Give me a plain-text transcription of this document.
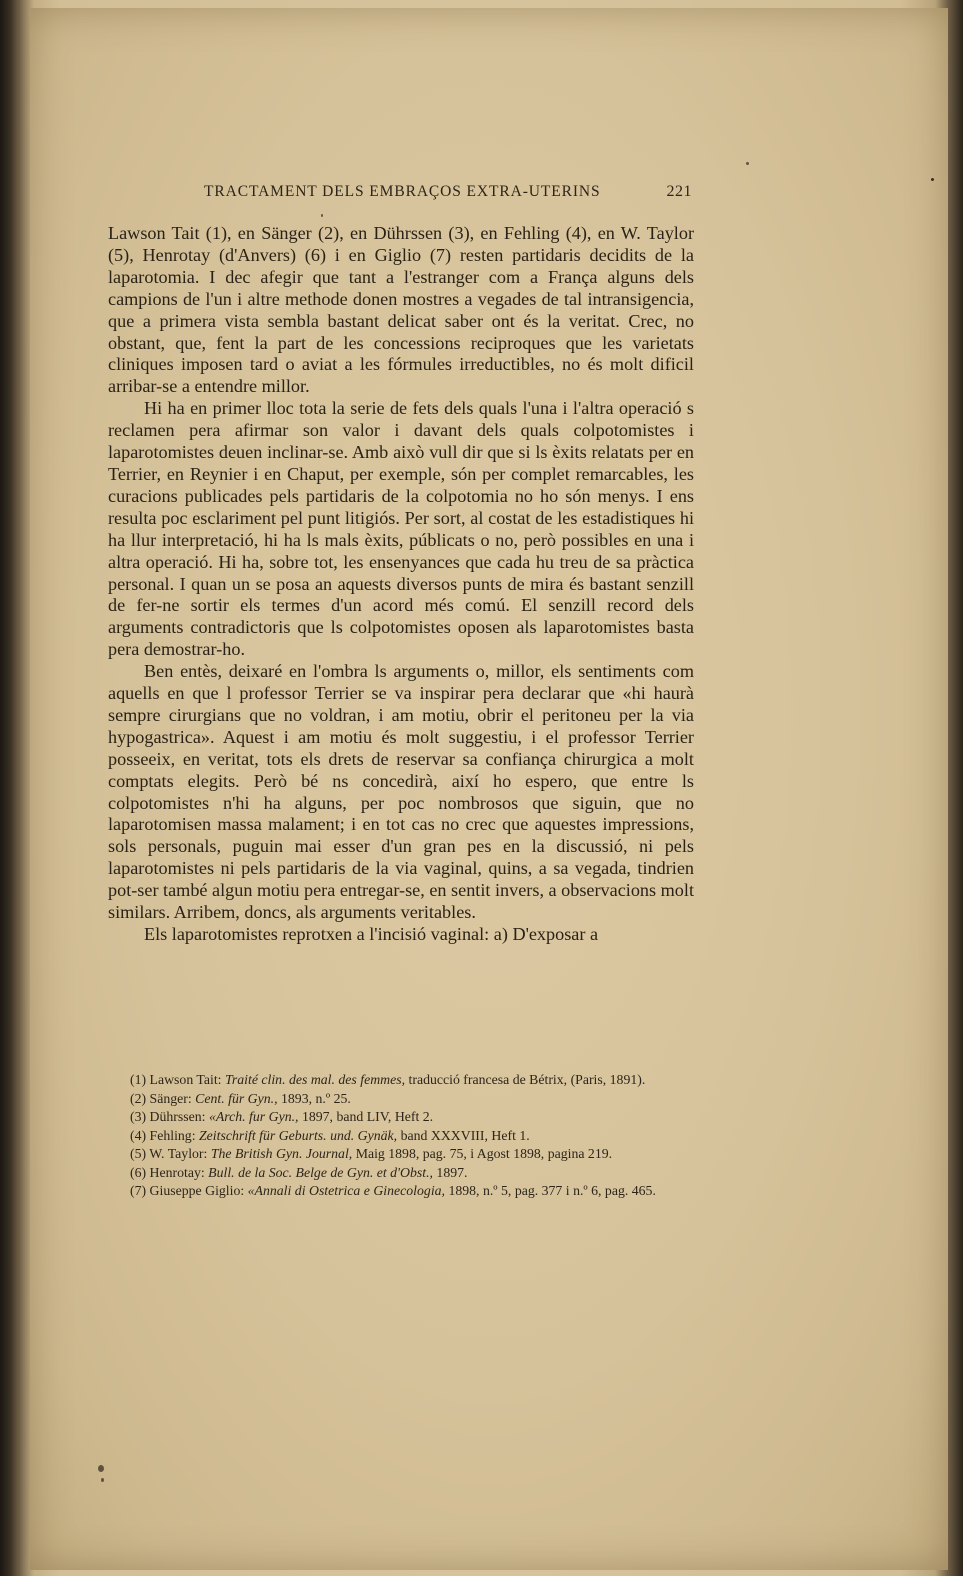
TRACTAMENT DELS EMBRAÇOS EXTRA-UTERINS	221

Lawson Tait (1), en Sänger (2), en Dührssen (3), en Fehling (4), en W. Taylor (5), Henrotay (d'Anvers) (6) i en Giglio (7) resten partidaris decidits de la laparotomia. I dec afegir que tant a l'estranger com a França alguns dels campions de l'un i altre methode donen mostres a vegades de tal intransigencia, que a primera vista sembla bastant delicat saber ont és la veritat. Crec, no obstant, que, fent la part de les concessions reciproques que les varietats cliniques imposen tard o aviat a les fórmules irreductibles, no és molt dificil arribar-se a entendre millor.

Hi ha en primer lloc tota la serie de fets dels quals l'una i l'altra operació s reclamen pera afirmar son valor i davant dels quals colpotomistes i laparotomistes deuen inclinar-se. Amb això vull dir que si ls èxits relatats per en Terrier, en Reynier i en Chaput, per exemple, són per complet remarcables, les curacions publicades pels partidaris de la colpotomia no ho són menys. I ens resulta poc esclariment pel punt litigiós. Per sort, al costat de les estadistiques hi ha llur interpretació, hi ha ls mals èxits, públicats o no, però possibles en una i altra operació. Hi ha, sobre tot, les ensenyances que cada hu treu de sa pràctica personal. I quan un se posa an aquests diversos punts de mira és bastant senzill de fer-ne sortir els termes d'un acord més comú. El senzill record dels arguments contradictoris que ls colpotomistes oposen als laparotomistes basta pera demostrar-ho.

Ben entès, deixaré en l'ombra ls arguments o, millor, els sentiments com aquells en que l professor Terrier se va inspirar pera declarar que «hi haurà sempre cirurgians que no voldran, i am motiu, obrir el peritoneu per la via hypogastrica». Aquest i am motiu és molt suggestiu, i el professor Terrier posseeix, en veritat, tots els drets de reservar sa confiança chirurgica a molt comptats elegits. Però bé ns concedirà, així ho espero, que entre ls colpotomistes n'hi ha alguns, per poc nombrosos que siguin, que no laparotomisen massa malament; i en tot cas no crec que aquestes impressions, sols personals, puguin mai esser d'un gran pes en la discussió, ni pels laparotomistes ni pels partidaris de la via vaginal, quins, a sa vegada, tindrien pot-ser també algun motiu pera entregar-se, en sentit invers, a observacions molt similars. Arribem, doncs, als arguments veritables.

Els laparotomistes reprotxen a l'incisió vaginal: a) D'exposar a

(1) Lawson Tait: Traité clin. des mal. des femmes, traducció francesa de Bétrix, (Paris, 1891).

(2) Sänger: Cent. für Gyn., 1893, n.º 25.

(3) Dührssen: «Arch. fur Gyn., 1897, band LIV, Heft 2.

(4) Fehling: Zeitschrift für Geburts. und. Gynäk, band XXXVIII, Heft 1.

(5) W. Taylor: The British Gyn. Journal, Maig 1898, pag. 75, i Agost 1898, pagina 219.

(6) Henrotay: Bull. de la Soc. Belge de Gyn. et d'Obst., 1897.

(7) Giuseppe Giglio: «Annali di Ostetrica e Ginecologia, 1898, n.º 5, pag. 377 i n.º 6, pag. 465.
